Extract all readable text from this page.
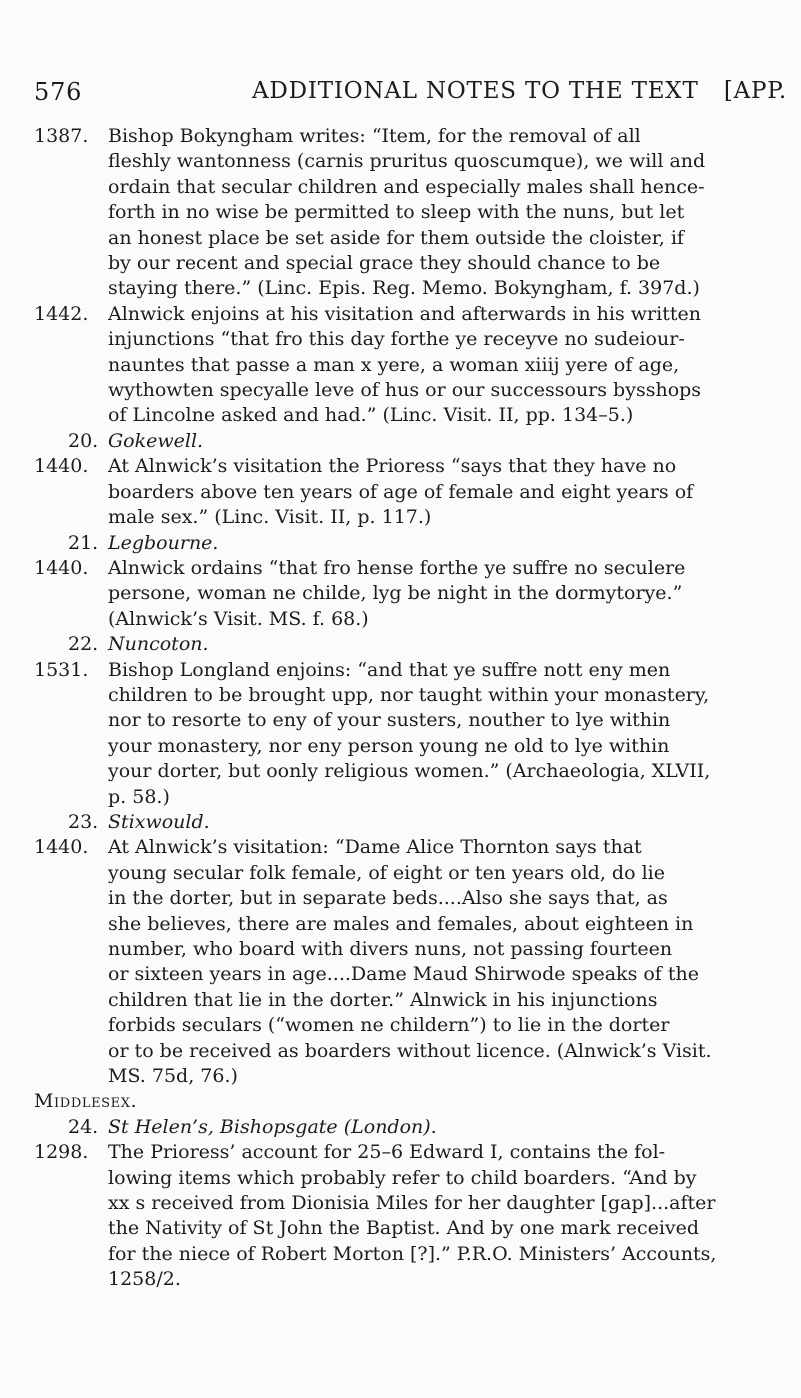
576	ADDITIONAL NOTES TO THE TEXT [APP.
1387.	Bishop Bokyngham writes: “Item, for the removal of all
fleshly wantonness (carnis pruritus quoscumque), we will and
ordain that secular children and especially males shall hence-
forth in no wise be permitted to sleep with the nuns, but let
an honest place be set aside for them outside the cloister, if
by our recent and special grace they should chance to be
staying there.” (Linc. Epis. Reg. Memo. Bokyngham, f. 397d.)
1442.	Alnwick enjoins at his visitation and afterwards in his written
injunctions “that fro this day forthe ye receyve no sudeiour-
nauntes that passe a man x yere, a woman xiiij yere of age,
wythowten specyalle leve of hus or our successours bysshops
of Lincolne asked and had.” (Linc. Visit. II, pp. 134–5.)
20. Gokewell.
1440.	At Alnwick’s visitation the Prioress “says that they have no
boarders above ten years of age of female and eight years of
male sex.” (Linc. Visit. II, p. 117.)
21. Legbourne.
1440.	Alnwick ordains “that fro hense forthe ye suffre no seculere
persone, woman ne childe, lyg be night in the dormytorye.”
(Alnwick’s Visit. MS. f. 68.)
22. Nuncoton.
1531.	Bishop Longland enjoins: “and that ye suffre nott eny men
children to be brought upp, nor taught within your monastery,
nor to resorte to eny of your susters, nouther to lye within
your monastery, nor eny person young ne old to lye within
your dorter, but oonly religious women.” (Archaeologia, XLVII,
p. 58.)
23. Stixwould.
1440.	At Alnwick’s visitation: “Dame Alice Thornton says that
young secular folk female, of eight or ten years old, do lie
in the dorter, but in separate beds....Also she says that, as
she believes, there are males and females, about eighteen in
number, who board with divers nuns, not passing fourteen
or sixteen years in age....Dame Maud Shirwode speaks of the
children that lie in the dorter.” Alnwick in his injunctions
forbids seculars (“women ne childern”) to lie in the dorter
or to be received as boarders without licence. (Alnwick’s Visit.
MS. 75d, 76.)
Middlesex.
24. St Helen’s, Bishopsgate (London).
1298.	The Prioress’ account for 25–6 Edward I, contains the fol-
lowing items which probably refer to child boarders. “And by
xx s received from Dionisia Miles for her daughter [gap]...after
the Nativity of St John the Baptist. And by one mark received
for the niece of Robert Morton [?].” P.R.O. Ministers’ Accounts,
1258/2.
